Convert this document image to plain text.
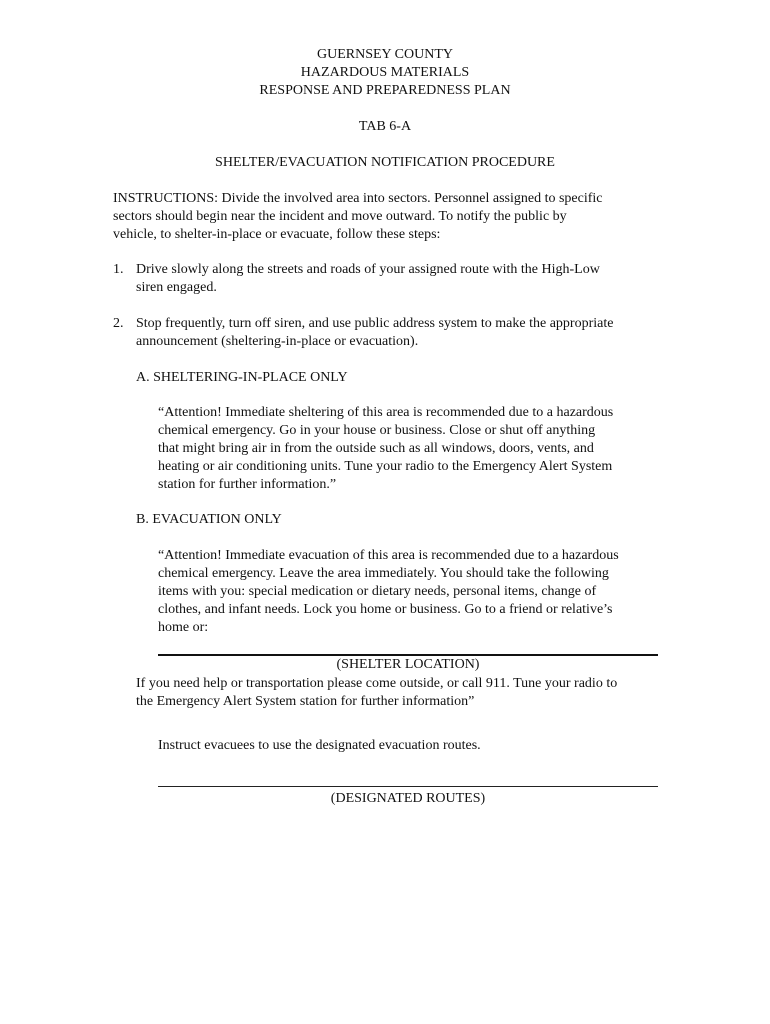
GUERNSEY COUNTY
HAZARDOUS MATERIALS
RESPONSE AND PREPAREDNESS PLAN
TAB 6-A
SHELTER/EVACUATION NOTIFICATION PROCEDURE
INSTRUCTIONS: Divide the involved area into sectors. Personnel assigned to specific
sectors should begin near the incident and move outward. To notify the public by
vehicle, to shelter-in-place or evacuate, follow these steps:
1. Drive slowly along the streets and roads of your assigned route with the High-Low
siren engaged.
2. Stop frequently, turn off siren, and use public address system to make the appropriate
announcement (sheltering-in-place or evacuation).
A. SHELTERING-IN-PLACE ONLY
“Attention! Immediate sheltering of this area is recommended due to a hazardous
chemical emergency. Go in your house or business. Close or shut off anything
that might bring air in from the outside such as all windows, doors, vents, and
heating or air conditioning units. Tune your radio to the Emergency Alert System
station for further information.”
B. EVACUATION ONLY
“Attention! Immediate evacuation of this area is recommended due to a hazardous
chemical emergency. Leave the area immediately. You should take the following
items with you: special medication or dietary needs, personal items, change of
clothes, and infant needs. Lock you home or business. Go to a friend or relative’s
home or:
(SHELTER LOCATION)
If you need help or transportation please come outside, or call 911. Tune your radio to
the Emergency Alert System station for further information”
Instruct evacuees to use the designated evacuation routes.
(DESIGNATED ROUTES)
